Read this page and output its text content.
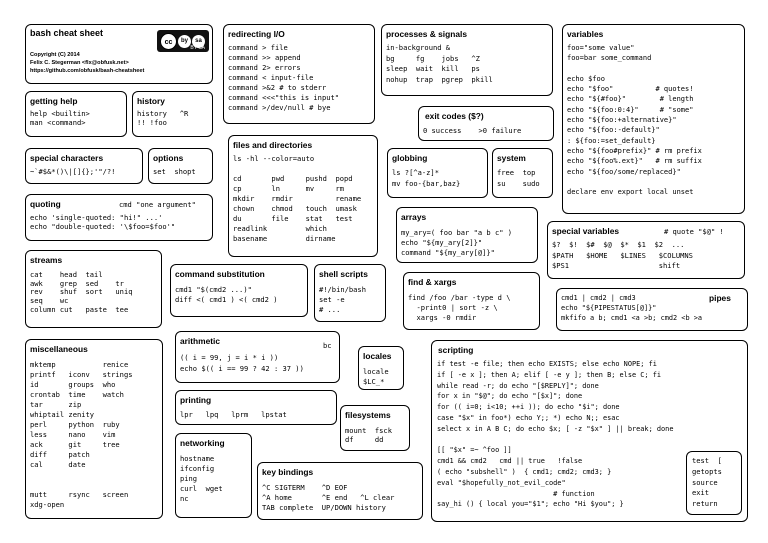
bash cheat sheet
Copyright (C) 2014
Felix C. Stegerman <flx@obfusk.net>
https://github.com/obfusk/bash-cheatsheet
cc	by	sa
BY SA
getting help
help <builtin>
man <command>
history
history   ^R
!! !foo
special characters
~`#$&*()\|[]{};'"/?!
options
set  shopt
quoting	cmd "one argument"
echo 'single-quoted: "hi!" ...'
echo "double-quoted: '\$foo=$foo'"
streams
cat    head  tail
awk    grep  sed    tr
rev    shuf  sort   uniq
seq    wc
column cut   paste  tee
miscellaneous
mktemp           renice
printf   iconv   strings
id       groups  who
crontab  time    watch
tar      zip
whiptail zenity
perl     python  ruby
less     nano    vim
ack      git     tree
diff     patch
cal      date

mutt     rsync   screen
xdg-open
redirecting I/O
command > file
command >> append
command 2> errors
command < input-file
command >&2 # to stderr
command <<<"this is input"
command >/dev/null # bye
files and directories
ls -hl --color=auto

cd       pwd     pushd  popd
cp       ln      mv     rm
mkdir    rmdir          rename
chown    chmod   touch  umask
du       file    stat   test
readlink         which
basename         dirname
command substitution
cmd1 "$(cmd2 ...)"
diff <( cmd1 ) <( cmd2 )
shell scripts
#!/bin/bash
set -e
# ...
arithmetic	bc
(( i = 99, j = i * i ))
echo $(( i == 99 ? 42 : 37 ))
printing
lpr   lpq   lprm   lpstat
networking
hostname
ifconfig
ping
curl  wget
nc
key bindings
^C SIGTERM    ^D EOF
^A home       ^E end   ^L clear
TAB complete  UP/DOWN history
locales
locale
$LC_*
filesystems
mount  fsck
df     dd
processes & signals
in-background &
bg     fg    jobs   ^Z
sleep  wait  kill   ps
nohup  trap  pgrep  pkill
exit codes ($?)
0 success    >0 failure
globbing
ls ?[^a-z]*
mv foo-{bar,baz}
system
free  top
su    sudo
arrays
my_ary=( foo bar "a b c" )
echo "${my_ary[2]}"
command "${my_ary[@]}"
find & xargs
find /foo /bar -type d \
-print0 | sort -z \
xargs -0 rmdir
variables
foo="some value"
foo=bar some_command

echo $foo
echo "$foo"          # quotes!
echo "${#foo}"        # length
echo "${foo:0:4}"     # "some"
echo "${foo:+alternative}"
echo "${foo:-default}"
: ${foo:=set_default}
echo "${foo#prefix}" # rm prefix
echo "${foo%.ext}"   # rm suffix
echo "${foo/some/replaced}"

declare env export local unset
special variables	# quote "$@" !
$?  $!  $#  $@  $*  $1  $2  ...
$PATH   $HOME   $LINES   $COLUMNS
$PS1                     shift
pipes
cmd1 | cmd2 | cmd3
echo "${PIPESTATUS[@]}"
mkfifo a b; cmd1 <a >b; cmd2 <b >a
scripting
if test -e file; then echo EXISTS; else echo NOPE; fi
if [ -e x ]; then A; elif [ -e y ]; then B; else C; fi
while read -r; do echo "[$REPLY]"; done
for x in "$@"; do echo "[$x]"; done
for (( i=0; i<10; ++i )); do echo "$i"; done
case "$x" in foo*) echo Y;; *) echo N;; esac
select x in A B C; do echo $x; [ -z "$x" ] || break; done

[[ "$x" =~ ^foo ]]
cmd1 && cmd2   cmd || true   !false
( echo "subshell" )  { cmd1; cmd2; cmd3; }
eval "$hopefully_not_evil_code"
# function
say_hi () { local you="$1"; echo "Hi $you"; }
test  [
getopts
source
exit
return
